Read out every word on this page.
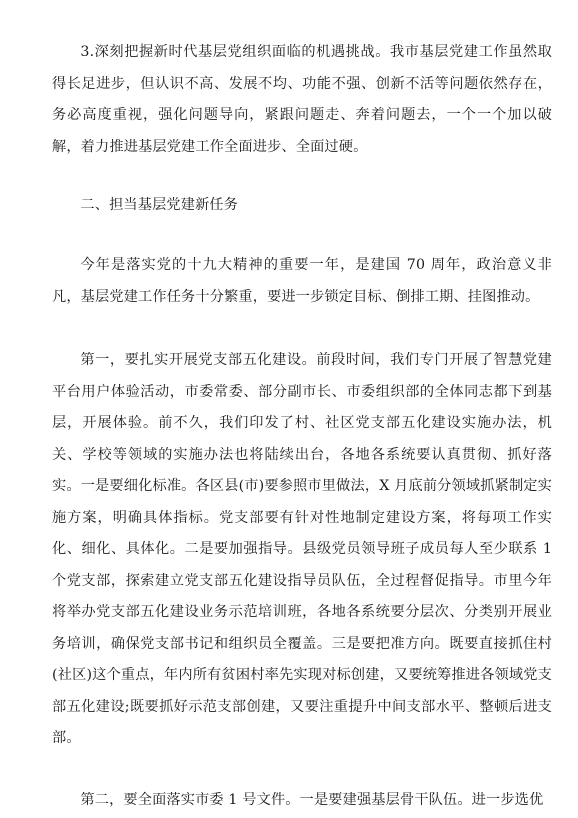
3.深刻把握新时代基层党组织面临的机遇挑战。我市基层党建工作虽然取得长足进步，但认识不高、发展不均、功能不强、创新不活等问题依然存在，务必高度重视，强化问题导向，紧跟问题走、奔着问题去，一个一个加以破解，着力推进基层党建工作全面进步、全面过硬。

二、担当基层党建新任务

今年是落实党的十九大精神的重要一年，是建国 70 周年，政治意义非凡，基层党建工作任务十分繁重，要进一步锁定目标、倒排工期、挂图推动。

第一，要扎实开展党支部五化建设。前段时间，我们专门开展了智慧党建平台用户体验活动，市委常委、部分副市长、市委组织部的全体同志都下到基层，开展体验。前不久，我们印发了村、社区党支部五化建设实施办法，机关、学校等领域的实施办法也将陆续出台，各地各系统要认真贯彻、抓好落实。一是要细化标准。各区县(市)要参照市里做法，X 月底前分领域抓紧制定实施方案，明确具体指标。党支部要有针对性地制定建设方案，将每项工作实化、细化、具体化。二是要加强指导。县级党员领导班子成员每人至少联系 1 个党支部，探索建立党支部五化建设指导员队伍，全过程督促指导。市里今年将举办党支部五化建设业务示范培训班，各地各系统要分层次、分类别开展业务培训，确保党支部书记和组织员全覆盖。三是要把准方向。既要直接抓住村(社区)这个重点，年内所有贫困村率先实现对标创建，又要统筹推进各领域党支部五化建设;既要抓好示范支部创建，又要注重提升中间支部水平、整顿后进支部。

第二，要全面落实市委 1 号文件。一是要建强基层骨干队伍。进一步选优
